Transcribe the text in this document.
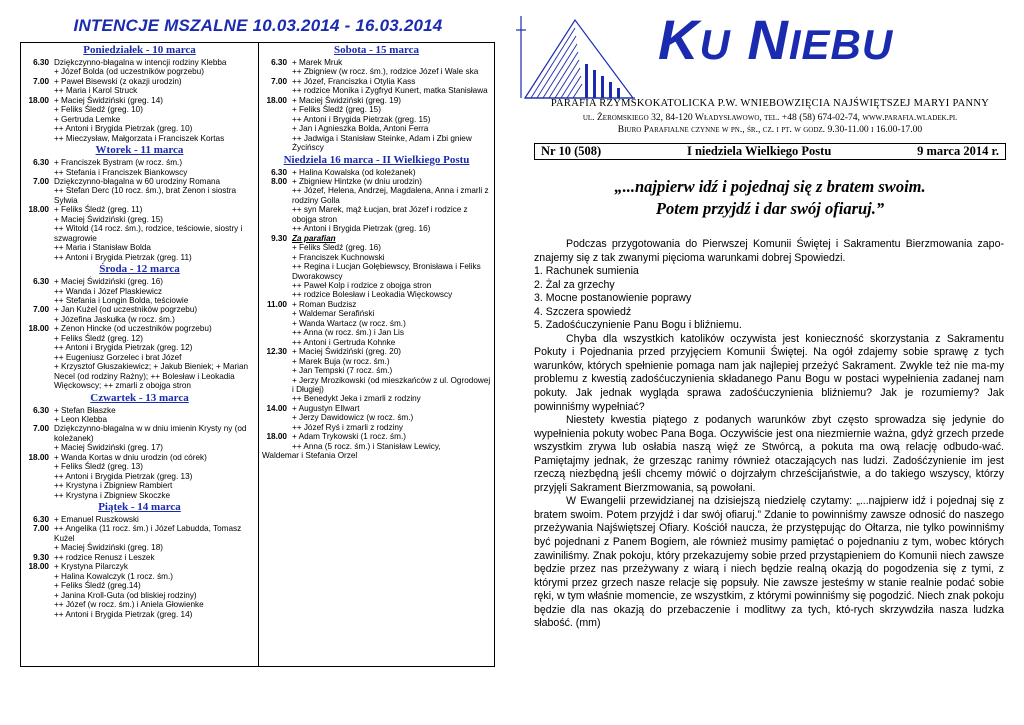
INTENCJE MSZALNE 10.03.2014 - 16.03.2014
Poniedziałek - 10 marca
6.30 Dziękczynno-błagalna w intencji rodziny Klebba
+ Józef Bolda (od uczestników pogrzebu)
7.00 + Paweł Bisewski (z okazji urodzin)
++ Maria i Karol Struck
18.00 + Maciej Świdziński (greg. 14)
+ Feliks Śledź (greg. 10)
+ Gertruda Lemke
++ Antoni i Brygida Pietrzak (greg. 10)
++ Mieczysław, Małgorzata i Franciszek Kortas
Wtorek - 11 marca
6.30 + Franciszek Bystram (w rocz. śm.)
++ Stefania i Franciszek Biankowscy
7.00 Dziękczynno-błagalna w 60 urodziny Romana
++ Stefan Derc (10 rocz. śm.), brat Zenon i siostra Sylwia
18.00 + Feliks Śledź (greg. 11)
+ Maciej Świdziński (greg. 15)
++ Witold (14 rocz. śm.), rodzice, teściowie, siostry i szwagrowie
++ Maria i Stanisław Bolda
++ Antoni i Brygida Pietrzak (greg. 11)
Środa - 12 marca
6.30 + Maciej Świdziński (greg. 16)
++ Wanda i Józef Plaskiewicz
++ Stefania i Longin Bolda, teściowie
7.00 + Jan Kużel (od uczestników pogrzebu)
+ Józefina Jaskułka (w rocz. śm.)
18.00 + Zenon Hincke (od uczestników pogrzebu)
+ Feliks Śledź (greg. 12)
++ Antoni i Brygida Pietrzak (greg. 12)
++ Eugeniusz Gorzelec i brat Józef
+ Krzysztof Głuszakiewicz; + Jakub Bieniek; + Marian Necel (od rodziny Rażny); ++ Bolesław i Leokadia Więckowscy; ++ zmarli z obojga stron
Czwartek - 13 marca
6.30 + Stefan Błaszke
+ Leon Klebba
7.00 Dziękczynno-błagalna w w dniu imienin Krysty ny (od koleżanek)
+ Maciej Świdziński (greg. 17)
18.00 + Wanda Kortas w dniu urodzin (od córek)
+ Feliks Śledź (greg. 13)
++ Antoni i Brygida Pietrzak (greg. 13)
++ Krystyna i Zbigniew Rambiert
++ Krystyna i Zbigniew Skoczke
Piątek - 14 marca
6.30 + Emanuel Ruszkowski
7.00 ++ Angelika (11 rocz. śm.) i Józef Labudda, Tomasz Kużel
+ Maciej Świdziński (greg. 18)
9.30 ++ rodzice Renusz i Leszek
18.00 + Krystyna Pilarczyk
+ Halina Kowalczyk (1 rocz. śm.)
+ Feliks Śledź (greg.14)
+ Janina Kroll-Guta (od bliskiej rodziny)
++ Józef (w rocz. śm.) i Aniela Głowienke
++ Antoni i Brygida Pietrzak (greg. 14)
Sobota - 15 marca
6.30 + Marek Mruk
++ Zbigniew (w rocz. śm.), rodzice Józef i Wale ska
7.00 ++ Józef, Franciszka i Otylia Kass
++ rodzice Monika i Zygfryd Kunert, matka Stanisława
18.00 + Maciej Świdziński (greg. 19)
+ Feliks Śledź (greg. 15)
++ Antoni i Brygida Pietrzak (greg. 15)
+ Jan i Agnieszka Bolda, Antoni Ferra
++ Jadwiga i Stanisław Steinke, Adam i Zbi gniew Życińscy
Niedziela 16 marca - II Wielkiego Postu
6.30 + Halina Kowalska (od koleżanek)
8.00 + Zbigniew Hintzke (w dniu urodzin)
++ Józef, Helena, Andrzej, Magdalena, Anna i zmarli z rodziny Golla
++ syn Marek, mąż Łucjan, brat Józef i rodzice z obojga stron
++ Antoni i Brygida Pietrzak (greg. 16)
9.30 Za parafian
+ Feliks Śledź (greg. 16)
+ Franciszek Kuchnowski
++ Regina i Lucjan Gołębiewscy, Bronisława i Feliks Dworakowscy
++ Paweł Kolp i rodzice z obojga stron
++ rodzice Bolesław i Leokadia Więckowscy
11.00 + Roman Budzisz
+ Waldemar Serafiński
+ Wanda Wartacz (w rocz. śm.)
++ Anna (w rocz. śm.) i Jan Lis
++ Antoni i Gertruda Kohnke
12.30 + Maciej Świdziński (greg. 20)
+ Marek Buja (w rocz. śm.)
+ Jan Tempski (7 rocz. śm.)
+ Jerzy Mrozikowski (od mieszkańców z ul. Ogrodowej i Długiej)
++ Benedykt Jeka i zmarli z rodziny
14.00 + Augustyn Ellwart
+ Jerzy Dawidowicz (w rocz. śm.)
++ Józef Ryś i zmarli z rodziny
18.00 + Adam Trykowski (1 rocz. śm.)
++ Anna (5 rocz. śm.) i Stanisław Lewicy,
Waldemar i Stefania Orzel
KU NIEBU
PARAFIA RZYMSKOKATOLICKA P.W. WNIEBOWZIĘCIA NAJŚWIĘTSZEJ MARYI PANNY
ul. Żeromskiego 32, 84-120 Władysławowo, tel. +48 (58) 674-02-74, www.parafia.wladek.pl
Biuro Parafialne czynne w pn., śr., cz. i pt. w godz. 9.30-11.00 i 16.00-17.00
Nr 10 (508)	I niedziela Wielkiego Postu	9 marca 2014 r.
„...najpierw idź i pojednaj się z bratem swoim.
Potem przyjdź i dar swój ofiaruj.”

Podczas przygotowania do Pierwszej Komunii Świętej i Sakramentu Bierzmowania zapo-znajemy się z tak zwanymi pięcioma warunkami dobrej Spowiedzi.

1. Rachunek sumienia

2. Żal za grzechy

3. Mocne postanowienie poprawy

4. Szczera spowiedź

5. Zadośćuczynienie Panu Bogu i bliźniemu.

Chyba dla wszystkich katolików oczywista jest konieczność skorzystania z Sakramentu Pokuty i Pojednania przed przyjęciem Komunii Świętej. Na ogół zdajemy sobie sprawę z tych warunków, których spełnienie pomaga nam jak najlepiej przeżyć Sakrament. Zwykle też nie ma-my problemu z kwestią zadośćuczynienia składanego Panu Bogu w postaci wypełnienia zadanej nam pokuty. Jak jednak wygląda sprawa zadośćuczynienia bliźniemu? Jak je rozumiemy? Jak powinniśmy wypełniać?

Niestety kwestia piątego z podanych warunków zbyt często sprowadza się jedynie do wypełnienia pokuty wobec Pana Boga. Oczywiście jest ona niezmiernie ważna, gdyż grzech przede wszystkim zrywa lub osłabia naszą więź ze Stwórcą, a pokuta ma ową relację odbudo-wać. Pamiętajmy jednak, że grzesząc ranimy również otaczających nas ludzi. Zadośćzynienie im jest rzeczą niezbędną jeśli chcemy mówić o dojrzałym chrześcijaństwie, a do takiego wszyscy, którzy przyjęli Sakrament Bierzmowania, są powołani.

W Ewangelii przewidzianej na dzisiejszą niedzielę czytamy: „...najpierw idź i pojednaj się z bratem swoim. Potem przyjdź i dar swój ofiaruj.” Zdanie to powinniśmy zawsze odnosić do naszego przeżywania Najświętszej Ofiary. Kościół naucza, że przystępując do Ołtarza, nie tylko powinniśmy być pojednani z Panem Bogiem, ale również musimy pamiętać o pojednaniu z tym, wobec których zawiniliśmy. Znak pokoju, który przekazujemy sobie przed przystąpieniem do Komunii niech zawsze będzie przez nas przeżywany z wiarą i niech będzie realną okazją do pogodzenia się z tymi, z którymi przez grzech nasze relacje się popsuły. Nie zawsze jesteśmy w stanie realnie podać sobie ręki, w tym właśnie momencie, ze wszystkim, z którymi powinniśmy się pogodzić. Niech znak pokoju będzie dla nas okazją do przebaczenie i modlitwy za tych, któ-rych skrzywdziła nasza ludzka słabość. (mm)
